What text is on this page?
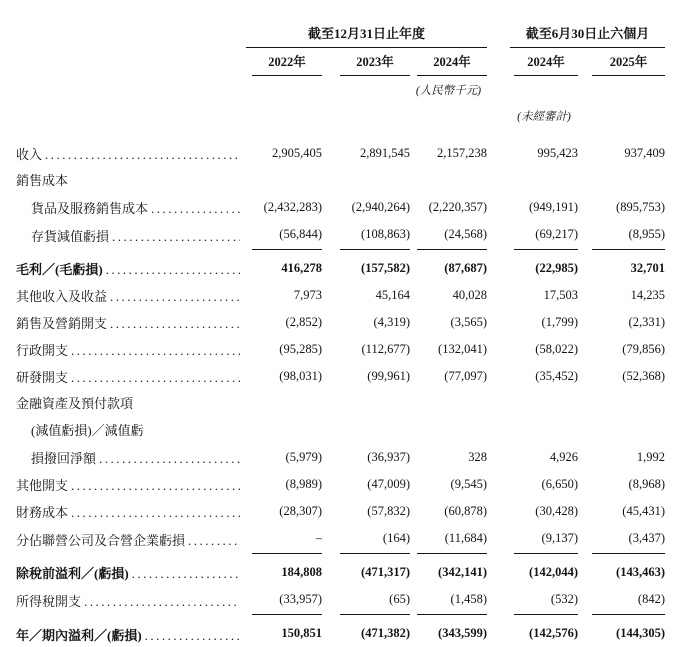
截至12月31日止年度	截至6月30日止六個月
2022年	2023年	2024年	2024年	2025年
(人民幣千元)
(未經審計)
收入 .....	2,905,405	2,891,545	2,157,238	995,423	937,409
銷售成本
貨品及服務銷售成本 .....	(2,432,283)	(2,940,264)	(2,220,357)	(949,191)	(895,753)
存貨減值虧損 .....	(56,844)	(108,863)	(24,568)	(69,217)	(8,955)
毛利／(毛虧損) .....	416,278	(157,582)	(87,687)	(22,985)	32,701
其他收入及收益 .....	7,973	45,164	40,028	17,503	14,235
銷售及營銷開支 .....	(2,852)	(4,319)	(3,565)	(1,799)	(2,331)
行政開支 .....	(95,285)	(112,677)	(132,041)	(58,022)	(79,856)
研發開支 .....	(98,031)	(99,961)	(77,097)	(35,452)	(52,368)
金融資產及預付款項
(減值虧損)／減值虧
損撥回淨額 .....	(5,979)	(36,937)	328	4,926	1,992
其他開支 .....	(8,989)	(47,009)	(9,545)	(6,650)	(8,968)
財務成本 .....	(28,307)	(57,832)	(60,878)	(30,428)	(45,431)
分佔聯營公司及合營企業虧損 .....	–	(164)	(11,684)	(9,137)	(3,437)
除稅前溢利／(虧損) .....	184,808	(471,317)	(342,141)	(142,044)	(143,463)
所得稅開支 .....	(33,957)	(65)	(1,458)	(532)	(842)
年／期內溢利／(虧損) .....	150,851	(471,382)	(343,599)	(142,576)	(144,305)
